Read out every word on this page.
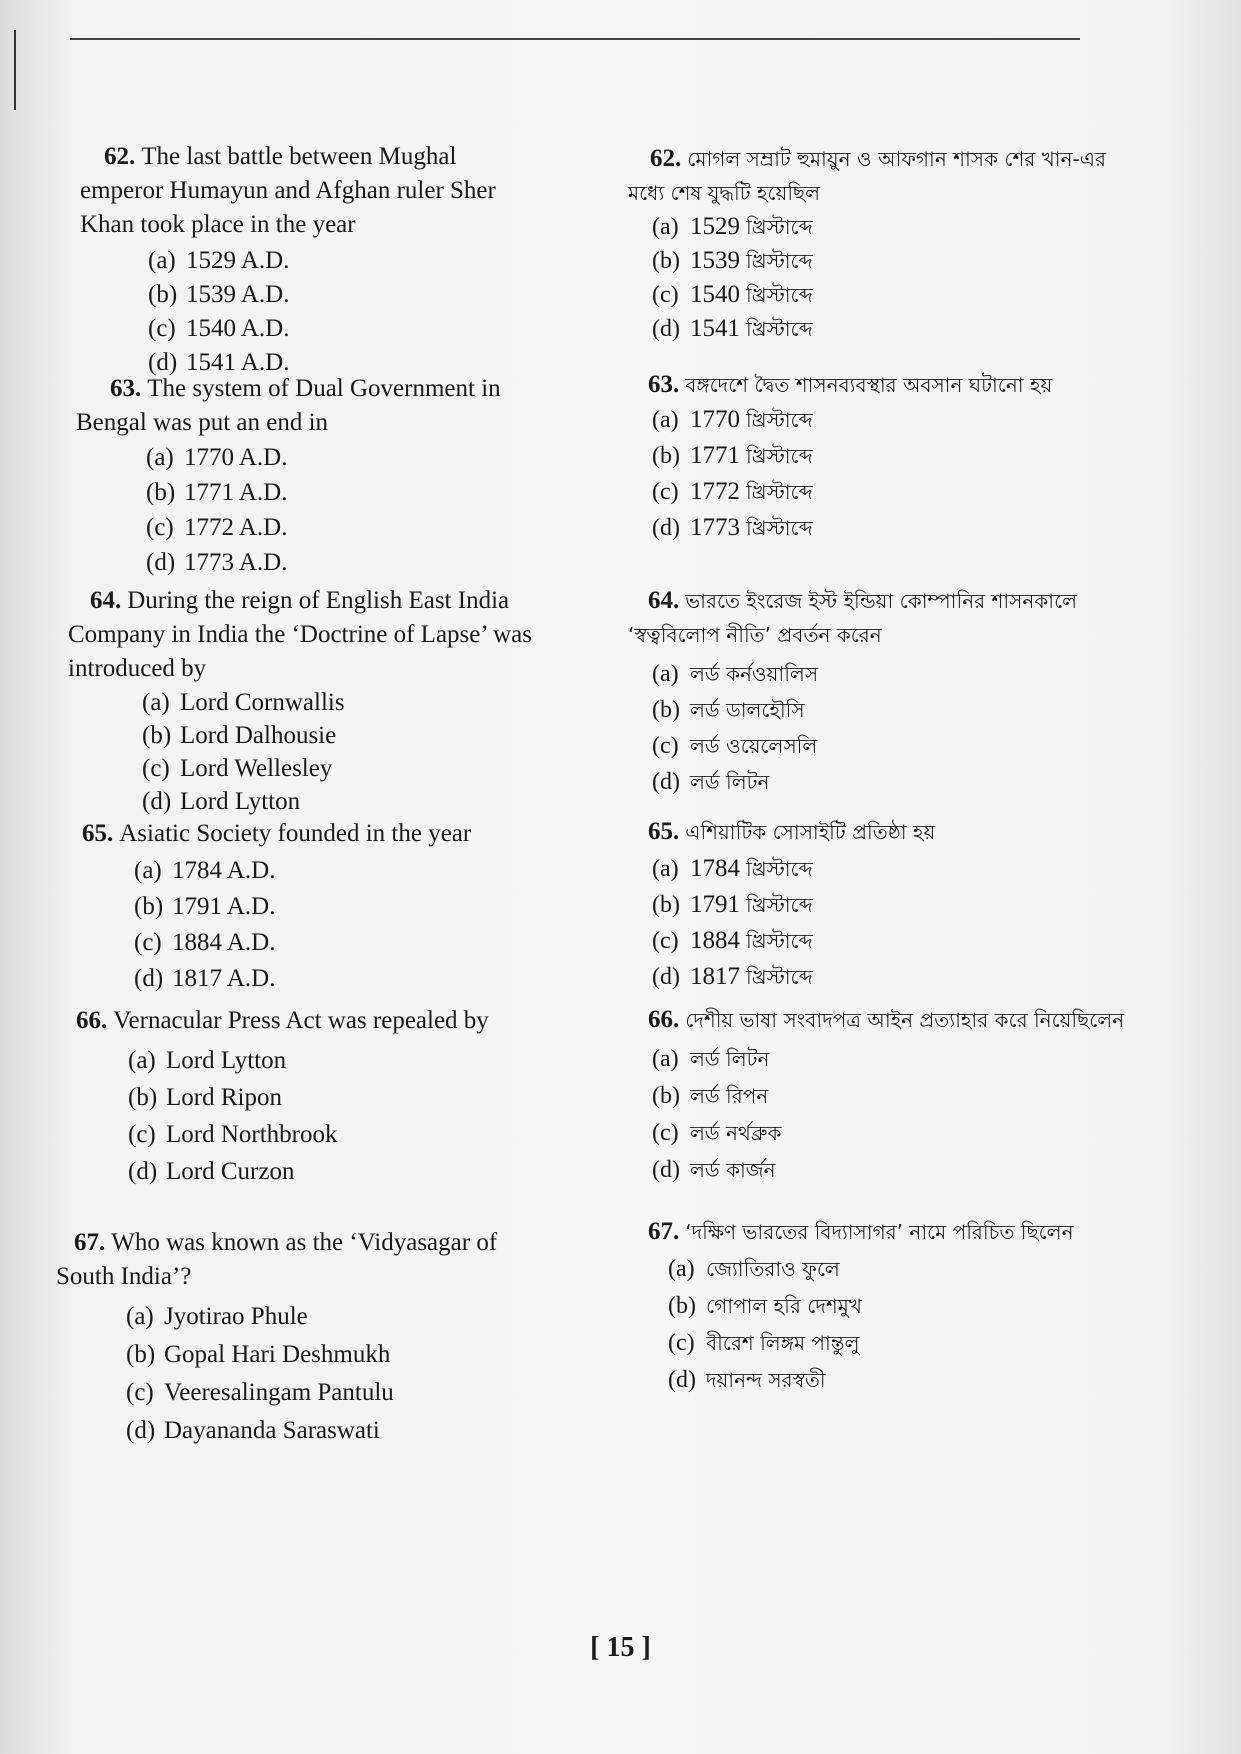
62. The last battle between Mughal emperor Humayun and Afghan ruler Sher Khan took place in the year

(a) 1529 A.D.
(b) 1539 A.D.
(c) 1540 A.D.
(d) 1541 A.D.

63. The system of Dual Government in Bengal was put an end in

(a) 1770 A.D.
(b) 1771 A.D.
(c) 1772 A.D.
(d) 1773 A.D.

64. During the reign of English East India Company in India the ‘Doctrine of Lapse’ was introduced by

(a) Lord Cornwallis
(b) Lord Dalhousie
(c) Lord Wellesley
(d) Lord Lytton

65. Asiatic Society founded in the year

(a) 1784 A.D.
(b) 1791 A.D.
(c) 1884 A.D.
(d) 1817 A.D.

66. Vernacular Press Act was repealed by

(a) Lord Lytton
(b) Lord Ripon
(c) Lord Northbrook
(d) Lord Curzon

67. Who was known as the ‘Vidyasagar of South India’?

(a) Jyotirao Phule
(b) Gopal Hari Deshmukh
(c) Veeresalingam Pantulu
(d) Dayananda Saraswati

62. মোগল সম্রাট হুমায়ুন ও আফগান শাসক শের খান-এর মধ্যে শেষ যুদ্ধটি হয়েছিল

(a) 1529 খ্রিস্টাব্দে
(b) 1539 খ্রিস্টাব্দে
(c) 1540 খ্রিস্টাব্দে
(d) 1541 খ্রিস্টাব্দে

63. বঙ্গদেশে দ্বৈত শাসনব্যবস্থার অবসান ঘটানো হয়

(a) 1770 খ্রিস্টাব্দে
(b) 1771 খ্রিস্টাব্দে
(c) 1772 খ্রিস্টাব্দে
(d) 1773 খ্রিস্টাব্দে

64. ভারতে ইংরেজ ইস্ট ইন্ডিয়া কোম্পানির শাসনকালে ‘স্বত্ববিলোপ নীতি’ প্রবর্তন করেন

(a) লর্ড কর্নওয়ালিস
(b) লর্ড ডালহৌসি
(c) লর্ড ওয়েলেসলি
(d) লর্ড লিটন

65. এশিয়াটিক সোসাইটি প্রতিষ্ঠা হয়

(a) 1784 খ্রিস্টাব্দে
(b) 1791 খ্রিস্টাব্দে
(c) 1884 খ্রিস্টাব্দে
(d) 1817 খ্রিস্টাব্দে

66. দেশীয় ভাষা সংবাদপত্র আইন প্রত্যাহার করে নিয়েছিলেন

(a) লর্ড লিটন
(b) লর্ড রিপন
(c) লর্ড নর্থব্রুক
(d) লর্ড কার্জন

67. ‘দক্ষিণ ভারতের বিদ্যাসাগর’ নামে পরিচিত ছিলেন

(a) জ্যোতিরাও ফুলে
(b) গোপাল হরি দেশমুখ
(c) বীরেশ লিঙ্গম পান্তুলু
(d) দয়ানন্দ সরস্বতী
[ 15 ]
